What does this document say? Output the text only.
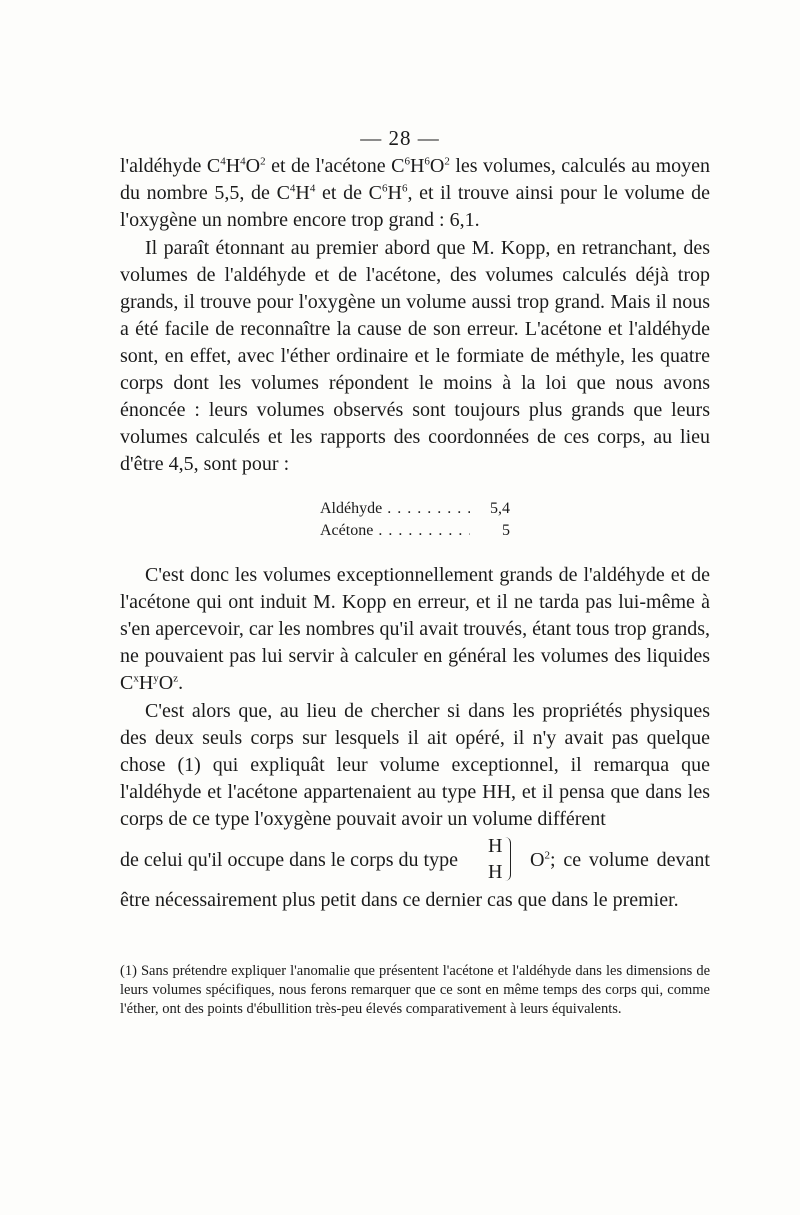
— 28 —

l'aldéhyde $C^4H^4O^2$ et de l'acétone $C^6H^6O^2$ les volumes, calculés au moyen du nombre 5,5, de $C^4H^4$ et de $C^6H^6$, et il trouve ainsi pour le volume de l'oxygène un nombre encore trop grand : 6,1.

Il paraît étonnant au premier abord que M. Kopp, en retranchant, des volumes de l'aldéhyde et de l'acétone, des volumes calculés déjà trop grands, il trouve pour l'oxygène un volume aussi trop grand. Mais il nous a été facile de reconnaître la cause de son erreur. L'acétone et l'aldéhyde sont, en effet, avec l'éther ordinaire et le formiate de méthyle, les quatre corps dont les volumes répondent le moins à la loi que nous avons énoncée : leurs volumes observés sont toujours plus grands que leurs volumes calculés et les rapports des coordonnées de ces corps, au lieu d'être 4,5, sont pour :

Aldéhyde . . .	5,4
Acétone . . .	5

C'est donc les volumes exceptionnellement grands de l'aldéhyde et de l'acétone qui ont induit M. Kopp en erreur, et il ne tarda pas lui-même à s'en apercevoir, car les nombres qu'il avait trouvés, étant tous trop grands, ne pouvaient pas lui servir à calculer en général les volumes des liquides $C^xH^yO^z$.

C'est alors que, au lieu de chercher si dans les propriétés physiques des deux seuls corps sur lesquels il ait opéré, il n'y avait pas quelque chose (1) qui expliquât leur volume exceptionnel, il remarqua que l'aldéhyde et l'acétone appartenaient au type HH, et il pensa que dans les corps de ce type l'oxygène pouvait avoir un volume différent

de celui qu'il occupe dans le corps du type
H
H
$O^2$; ce volume devant

être nécessairement plus petit dans ce dernier cas que dans le premier.

(1) Sans prétendre expliquer l'anomalie que présentent l'acétone et l'aldéhyde dans les dimensions de leurs volumes spécifiques, nous ferons remarquer que ce sont en même temps des corps qui, comme l'éther, ont des points d'ébullition très-peu élevés comparativement à leurs équivalents.
